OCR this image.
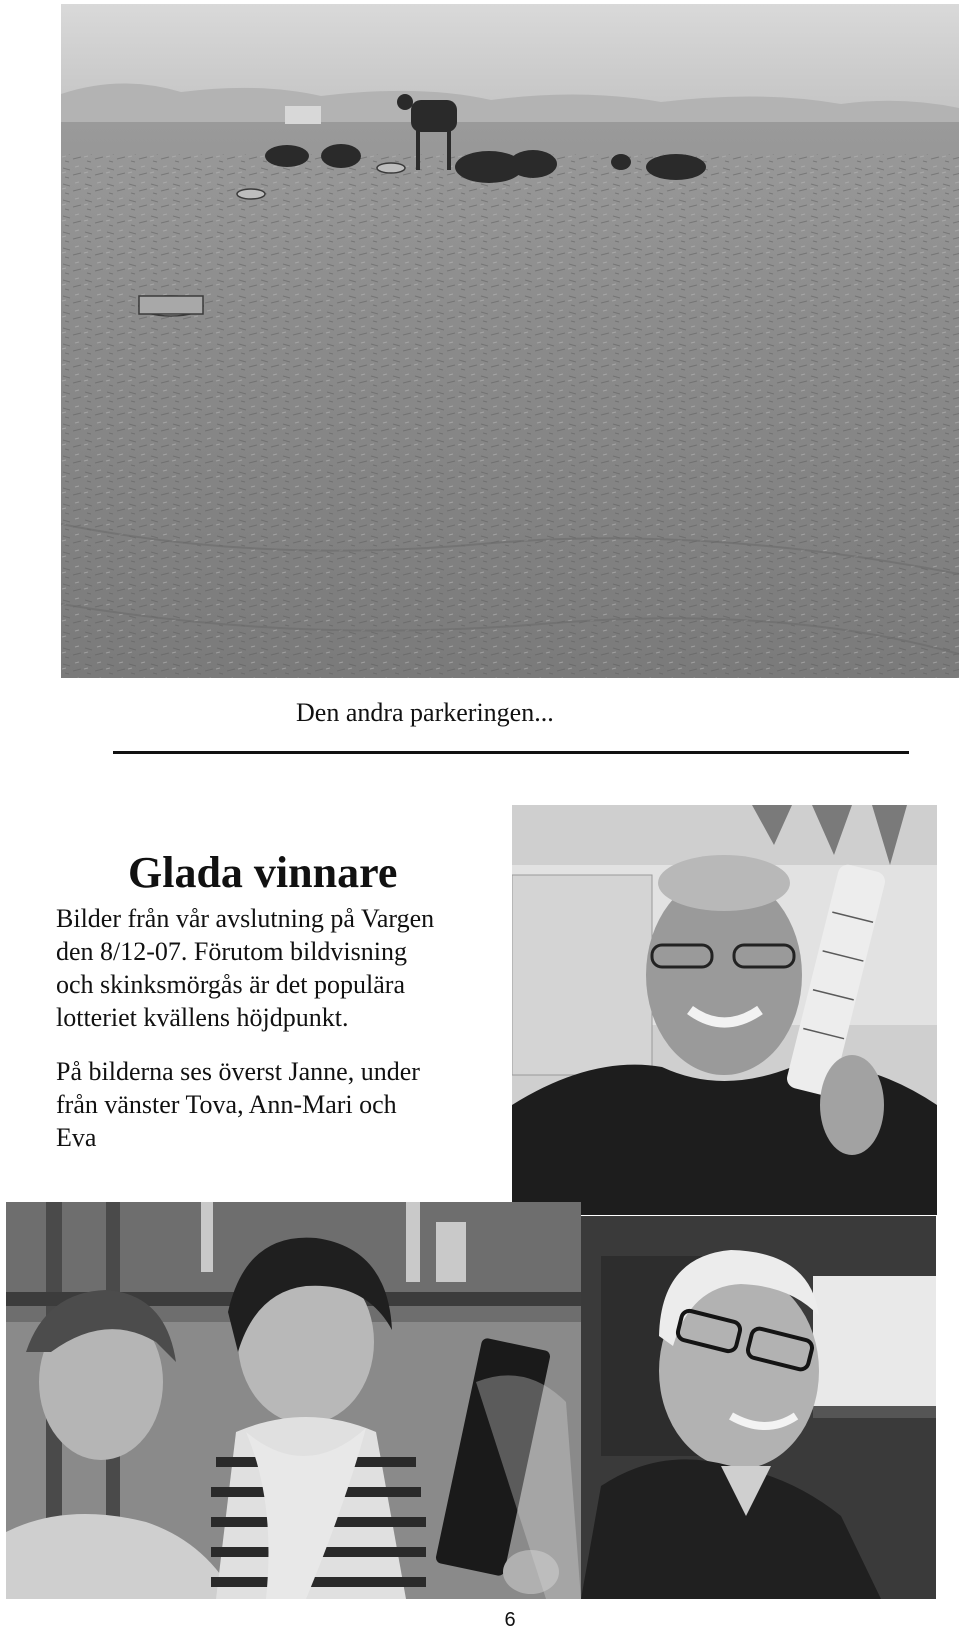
Den andra parkeringen...
Glada vinnare

Bilder från vår avslutning på Vargen
den 8/12-07. Förutom bildvisning
och skinksmörgås är det populära
lotteriet kvällens höjdpunkt.

På bilderna ses överst Janne, under
från vänster Tova, Ann-Mari och
Eva

6
